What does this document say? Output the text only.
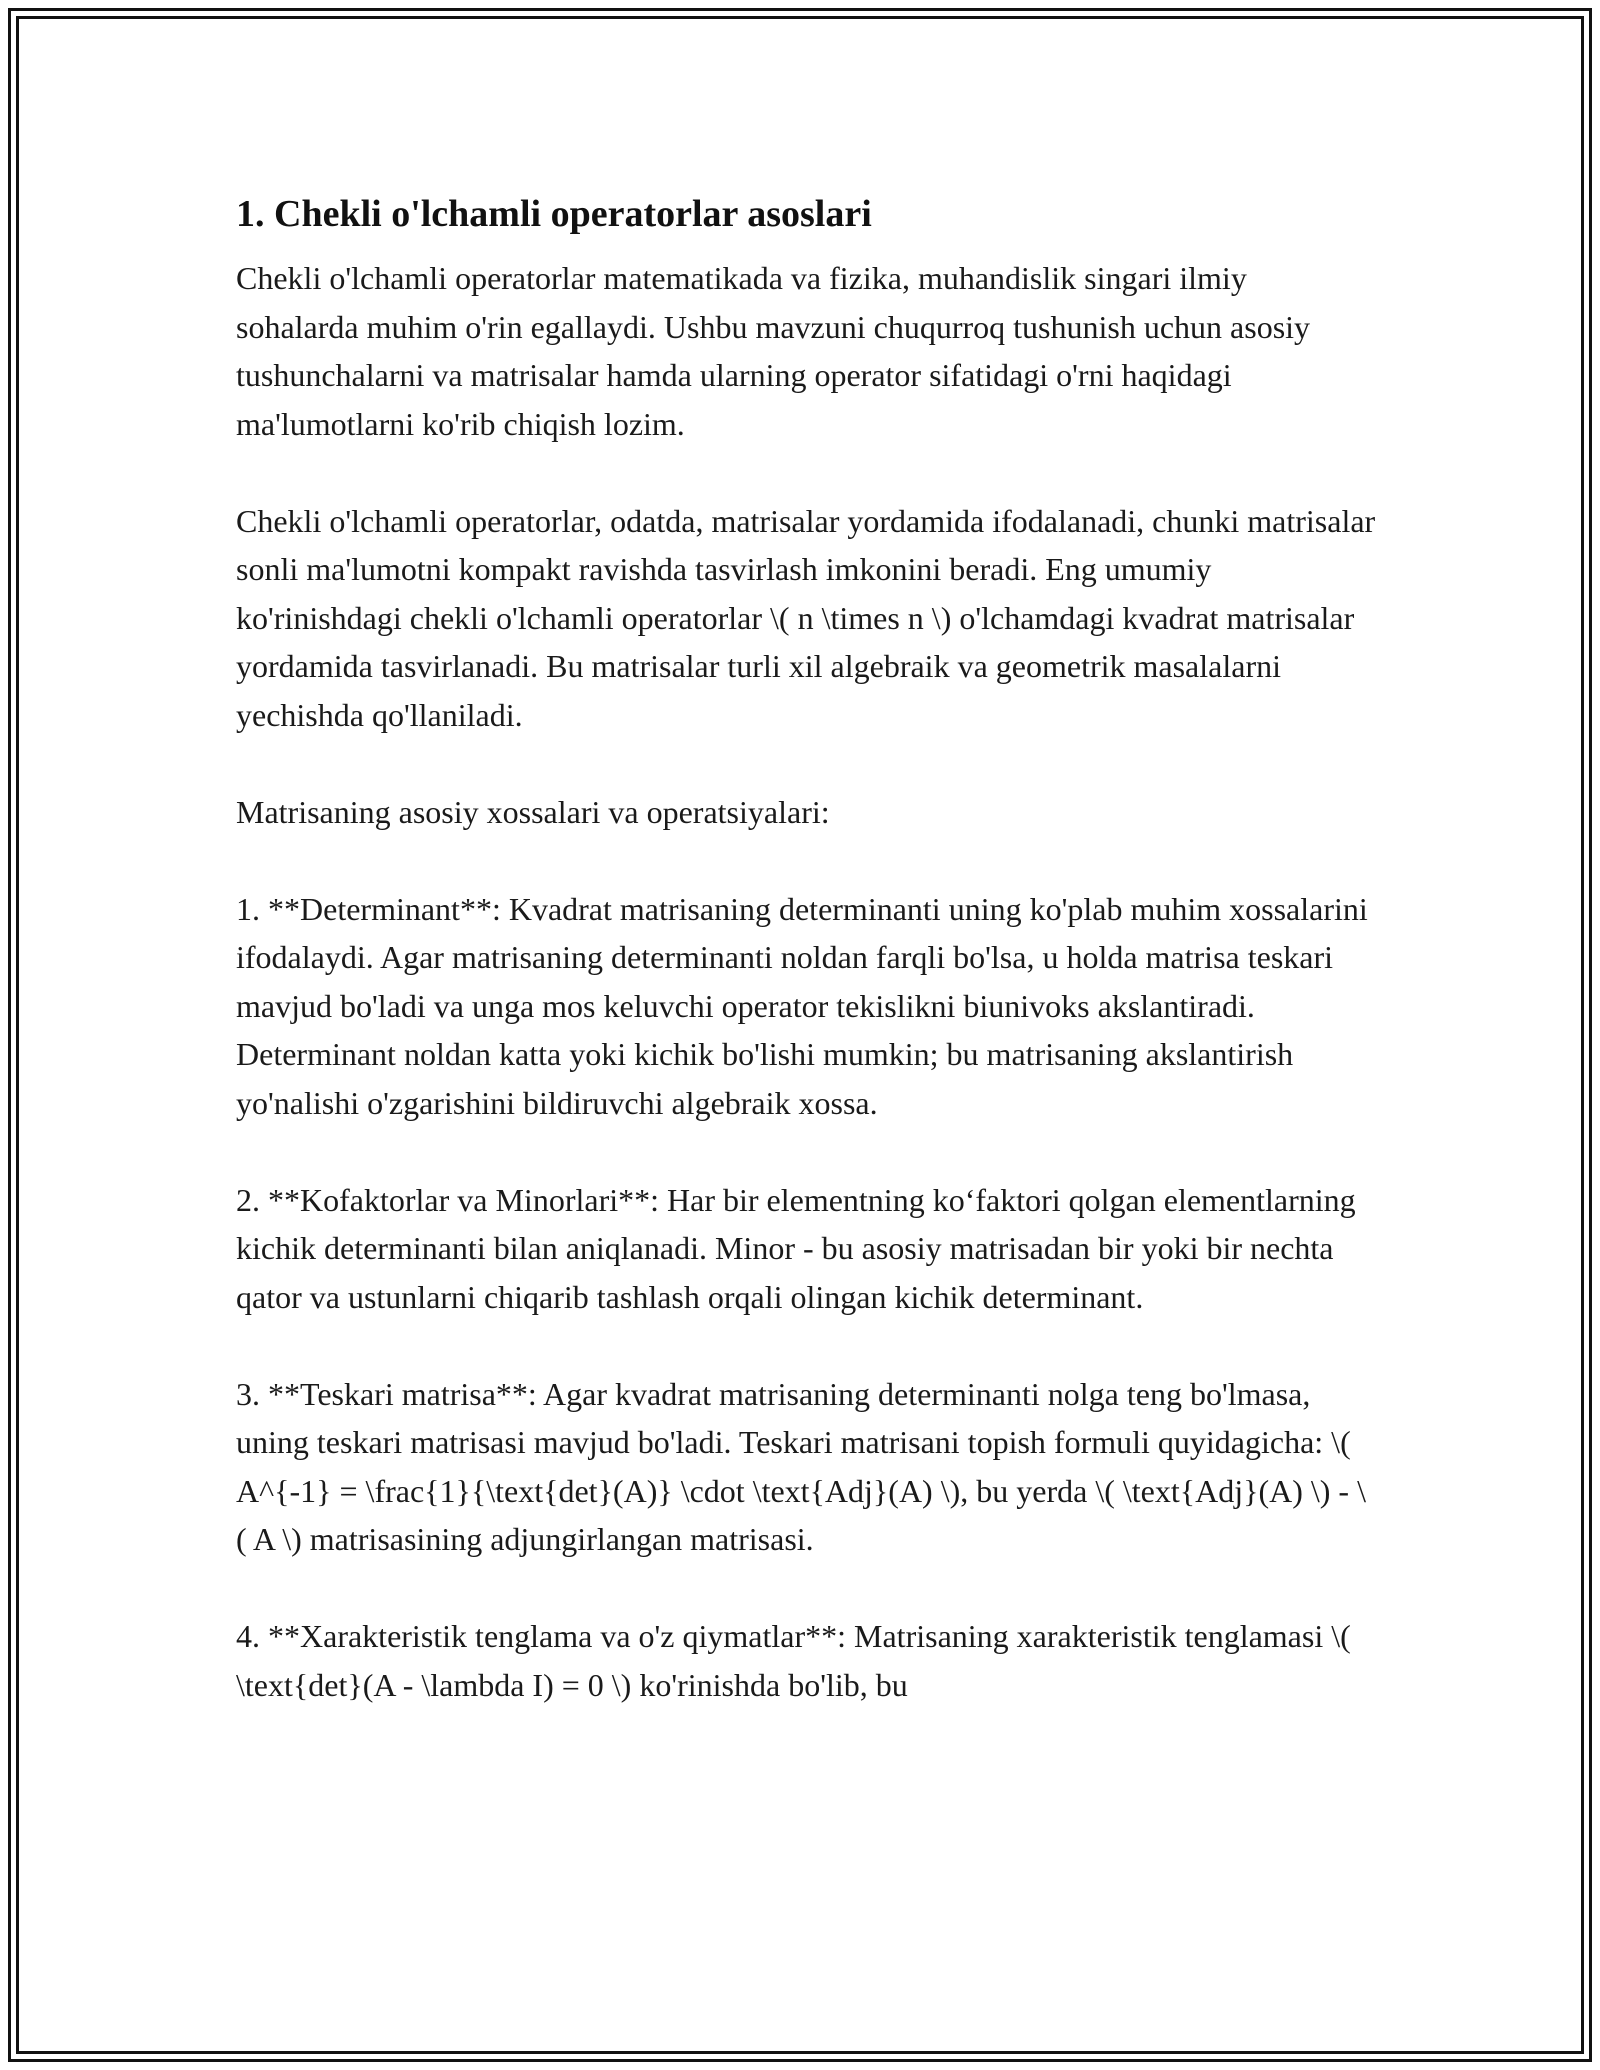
1. Chekli o'lchamli operatorlar asoslari

Chekli o'lchamli operatorlar matematikada va fizika, muhandislik singari ilmiy sohalarda muhim o'rin egallaydi. Ushbu mavzuni chuqurroq tushunish uchun asosiy tushunchalarni va matrisalar hamda ularning operator sifatidagi o'rni haqidagi ma'lumotlarni ko'rib chiqish lozim.

Chekli o'lchamli operatorlar, odatda, matrisalar yordamida ifodalanadi, chunki matrisalar sonli ma'lumotni kompakt ravishda tasvirlash imkonini beradi. Eng umumiy ko'rinishdagi chekli o'lchamli operatorlar \( n \times n \) o'lchamdagi kvadrat matrisalar yordamida tasvirlanadi. Bu matrisalar turli xil algebraik va geometrik masalalarni yechishda qo'llaniladi.

Matrisaning asosiy xossalari va operatsiyalari:

1. **Determinant**: Kvadrat matrisaning determinanti uning ko'plab muhim xossalarini ifodalaydi. Agar matrisaning determinanti noldan farqli bo'lsa, u holda matrisa teskari mavjud bo'ladi va unga mos keluvchi operator tekislikni biunivoks akslantiradi. Determinant noldan katta yoki kichik bo'lishi mumkin; bu matrisaning akslantirish yo'nalishi o'zgarishini bildiruvchi algebraik xossa.

2. **Kofaktorlar va Minorlari**: Har bir elementning ko‘faktori qolgan elementlarning kichik determinanti bilan aniqlanadi. Minor - bu asosiy matrisadan bir yoki bir nechta qator va ustunlarni chiqarib tashlash orqali olingan kichik determinant.

3. **Teskari matrisa**: Agar kvadrat matrisaning determinanti nolga teng bo'lmasa, uning teskari matrisasi mavjud bo'ladi. Teskari matrisani topish formuli quyidagicha: \( A^{-1} = \frac{1}{\text{det}(A)} \cdot \text{Adj}(A) \), bu yerda \( \text{Adj}(A) \) - \( A \) matrisasining adjungirlangan matrisasi.

4. **Xarakteristik tenglama va o'z qiymatlar**: Matrisaning xarakteristik tenglamasi \( \text{det}(A - \lambda I) = 0 \) ko'rinishda bo'lib, bu
